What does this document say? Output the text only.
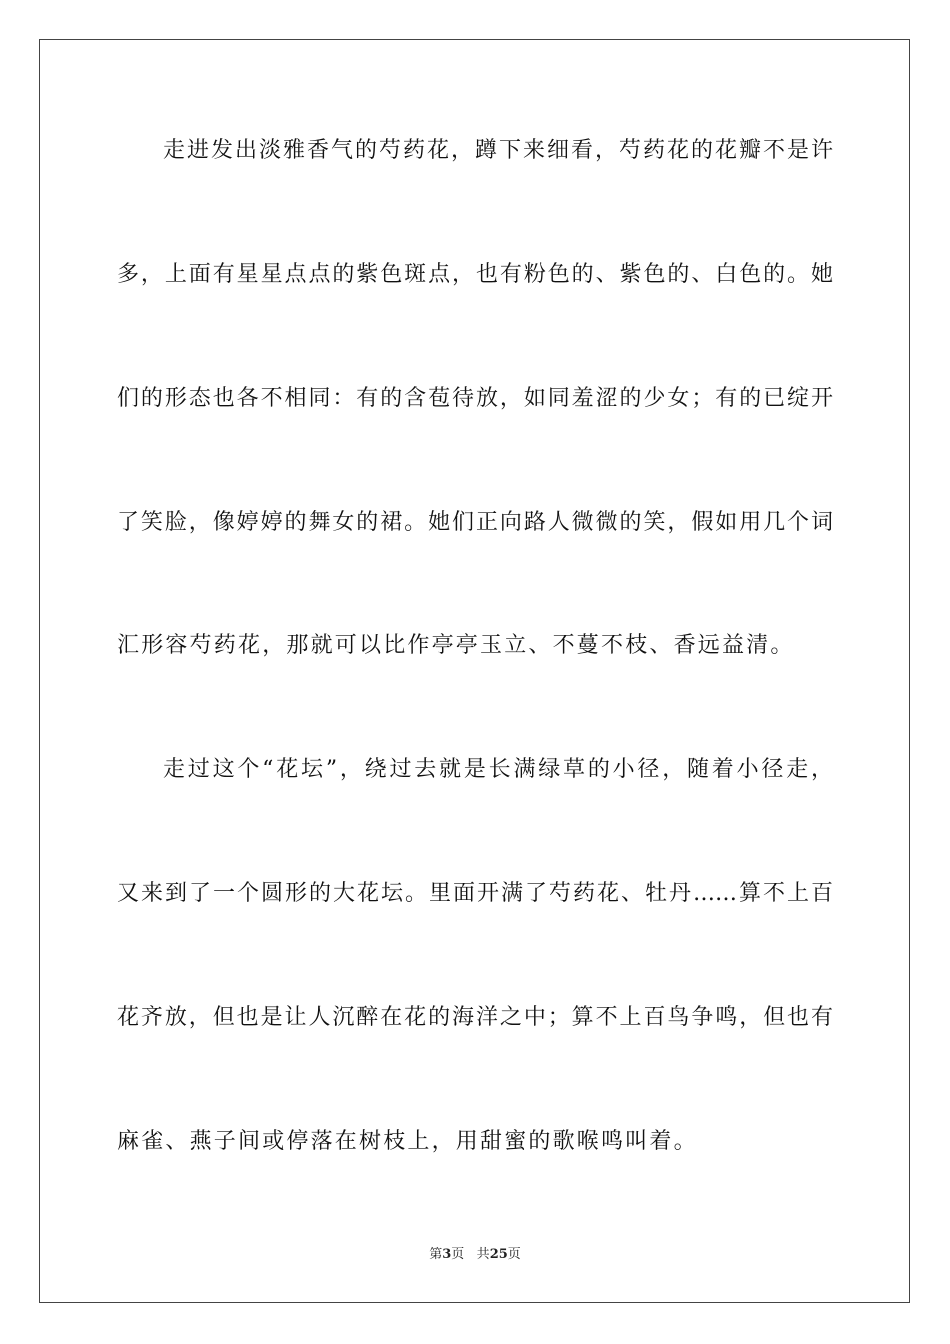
走进发出淡雅香气的芍药花，蹲下来细看，芍药花的花瓣不是许
多，上面有星星点点的紫色斑点，也有粉色的、紫色的、白色的。她
们的形态也各不相同：有的含苞待放，如同羞涩的少女；有的已绽开
了笑脸，像婷婷的舞女的裙。她们正向路人微微的笑，假如用几个词
汇形容芍药花，那就可以比作亭亭玉立、不蔓不枝、香远益清。
走过这个“花坛”，绕过去就是长满绿草的小径，随着小径走，
又来到了一个圆形的大花坛。里面开满了芍药花、牡丹……算不上百
花齐放，但也是让人沉醉在花的海洋之中；算不上百鸟争鸣，但也有
麻雀、燕子间或停落在树枝上，用甜蜜的歌喉鸣叫着。
第3页 共25页
